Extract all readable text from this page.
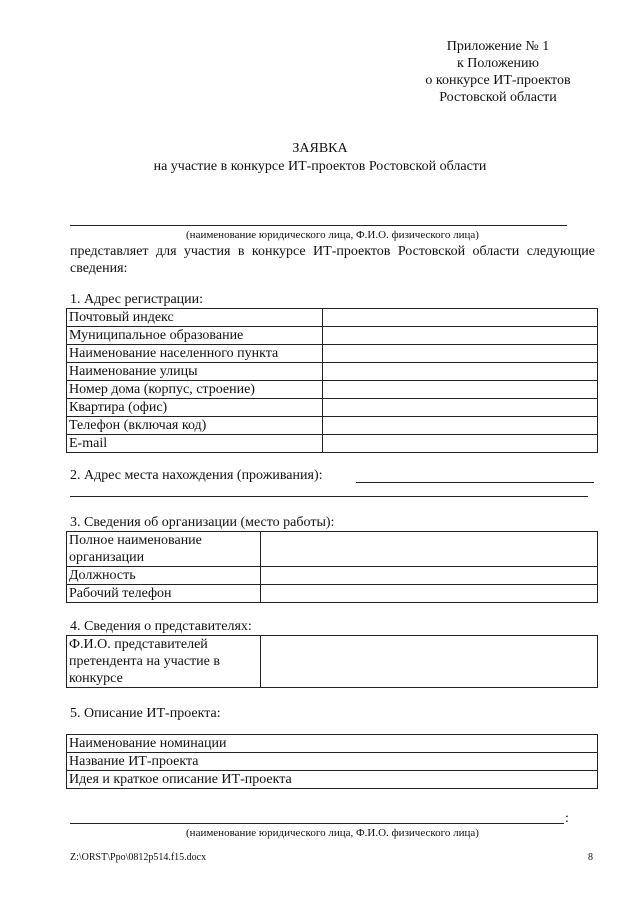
Приложение № 1
к Положению
о конкурсе ИТ-проектов
Ростовской области
ЗАЯВКА
на участие в конкурсе ИТ-проектов Ростовской области
(наименование юридического лица, Ф.И.О. физического лица)
представляет для участия в конкурсе ИТ-проектов Ростовской области следующие сведения:
1. Адрес регистрации:
Почтовый индекс	
Муниципальное образование	
Наименование населенного пункта	
Наименование улицы	
Номер дома (корпус, строение)	
Квартира (офис)	
Телефон (включая код)	
E-mail	
2. Адрес места нахождения (проживания):
3. Сведения об организации (место работы):
Полное наименование
организации	

Должность	
Рабочий телефон	
4. Сведения о представителях:
Ф.И.О. представителей
претендента на участие в
конкурсе

5. Описание ИТ-проекта:
Наименование номинации
Название ИТ-проекта
Идея и краткое описание ИТ-проекта
:
(наименование юридического лица, Ф.И.О. физического лица)
Z:\ORST\Ppo\0812p514.f15.docx	8
